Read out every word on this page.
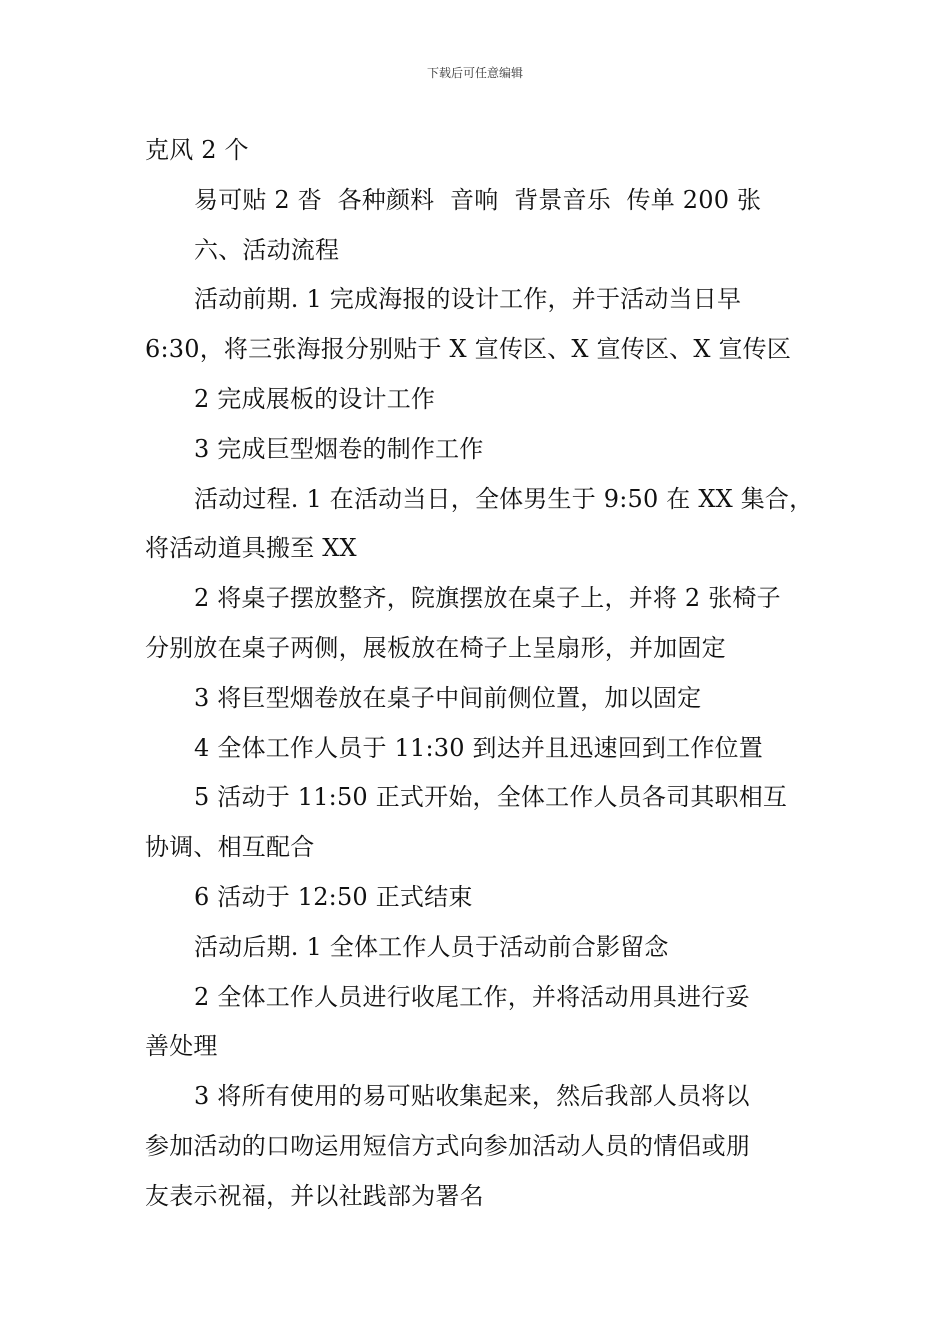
下载后可任意编辑

克风 2 个

易可贴 2 沓  各种颜料  音响  背景音乐  传单 200 张

六、活动流程

活动前期. 1 完成海报的设计工作，并于活动当日早
6:30，将三张海报分别贴于 X 宣传区、X 宣传区、X 宣传区

2 完成展板的设计工作

3 完成巨型烟卷的制作工作

活动过程. 1 在活动当日，全体男生于 9:50 在 XX 集合，
将活动道具搬至 XX

2 将桌子摆放整齐，院旗摆放在桌子上，并将 2 张椅子
分别放在桌子两侧，展板放在椅子上呈扇形，并加固定

3 将巨型烟卷放在桌子中间前侧位置，加以固定

4 全体工作人员于 11:30 到达并且迅速回到工作位置

5 活动于 11:50 正式开始，全体工作人员各司其职相互
协调、相互配合

6 活动于 12:50 正式结束

活动后期. 1 全体工作人员于活动前合影留念

2 全体工作人员进行收尾工作，并将活动用具进行妥
善处理

3 将所有使用的易可贴收集起来，然后我部人员将以
参加活动的口吻运用短信方式向参加活动人员的情侣或朋
友表示祝福，并以社践部为署名
